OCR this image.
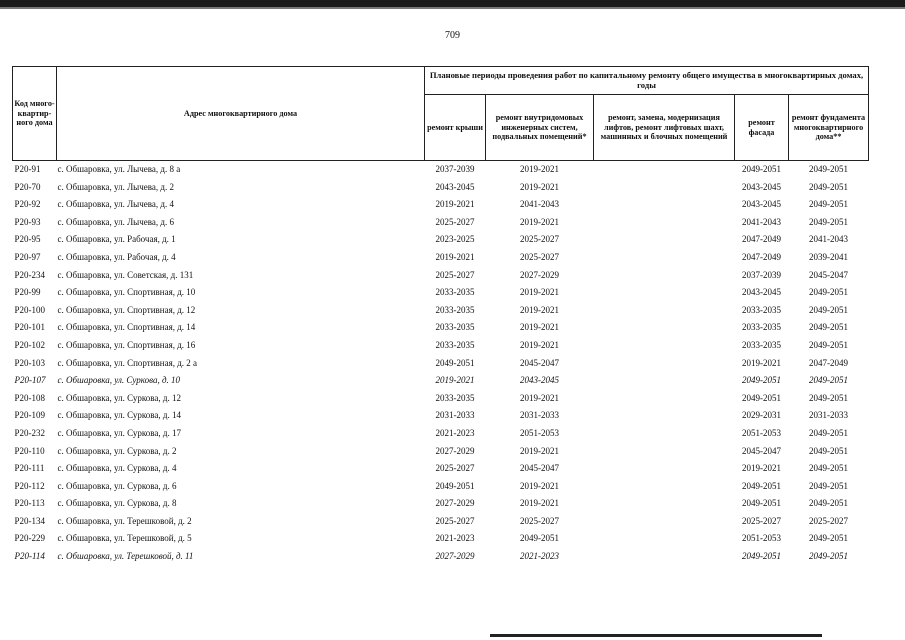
709
Код много-квартир-ного дома	Адрес многоквартирного дома	Плановые периоды проведения работ по капитальному ремонту общего имущества в многоквартирных домах, годы				
		ремонт крыши	ремонт внутридомовых инженерных систем, подвальных помещений*	ремонт, замена, модернизация лифтов, ремонт лифтовых шахт, машинных и блочных помещений	ремонт фасада	ремонт фундамента многоквартирного дома**
Р20-91	с. Обшаровка, ул. Лычева, д. 8 а	2037-2039	2019-2021		2049-2051	2049-2051
Р20-70	с. Обшаровка, ул. Лычева, д. 2	2043-2045	2019-2021		2043-2045	2049-2051
Р20-92	с. Обшаровка, ул. Лычева, д. 4	2019-2021	2041-2043		2043-2045	2049-2051
Р20-93	с. Обшаровка, ул. Лычева, д. 6	2025-2027	2019-2021		2041-2043	2049-2051
Р20-95	с. Обшаровка, ул. Рабочая, д. 1	2023-2025	2025-2027		2047-2049	2041-2043
Р20-97	с. Обшаровка, ул. Рабочая, д. 4	2019-2021	2025-2027		2047-2049	2039-2041
Р20-234	с. Обшаровка, ул. Советская, д. 131	2025-2027	2027-2029		2037-2039	2045-2047
Р20-99	с. Обшаровка, ул. Спортивная, д. 10	2033-2035	2019-2021		2043-2045	2049-2051
Р20-100	с. Обшаровка, ул. Спортивная, д. 12	2033-2035	2019-2021		2033-2035	2049-2051
Р20-101	с. Обшаровка, ул. Спортивная, д. 14	2033-2035	2019-2021		2033-2035	2049-2051
Р20-102	с. Обшаровка, ул. Спортивная, д. 16	2033-2035	2019-2021		2033-2035	2049-2051
Р20-103	с. Обшаровка, ул. Спортивная, д. 2 а	2049-2051	2045-2047		2019-2021	2047-2049
Р20-107	с. Обшаровка, ул. Суркова, д. 10	2019-2021	2043-2045		2049-2051	2049-2051
Р20-108	с. Обшаровка, ул. Суркова, д. 12	2033-2035	2019-2021		2049-2051	2049-2051
Р20-109	с. Обшаровка, ул. Суркова, д. 14	2031-2033	2031-2033		2029-2031	2031-2033
Р20-232	с. Обшаровка, ул. Суркова, д. 17	2021-2023	2051-2053		2051-2053	2049-2051
Р20-110	с. Обшаровка, ул. Суркова, д. 2	2027-2029	2019-2021		2045-2047	2049-2051
Р20-111	с. Обшаровка, ул. Суркова, д. 4	2025-2027	2045-2047		2019-2021	2049-2051
Р20-112	с. Обшаровка, ул. Суркова, д. 6	2049-2051	2019-2021		2049-2051	2049-2051
Р20-113	с. Обшаровка, ул. Суркова, д. 8	2027-2029	2019-2021		2049-2051	2049-2051
Р20-134	с. Обшаровка, ул. Терешковой, д. 2	2025-2027	2025-2027		2025-2027	2025-2027
Р20-229	с. Обшаровка, ул. Терешковой, д. 5	2021-2023	2049-2051		2051-2053	2049-2051
Р20-114	с. Обшаровка, ул. Терешковой, д. 11	2027-2029	2021-2023		2049-2051	2049-2051
